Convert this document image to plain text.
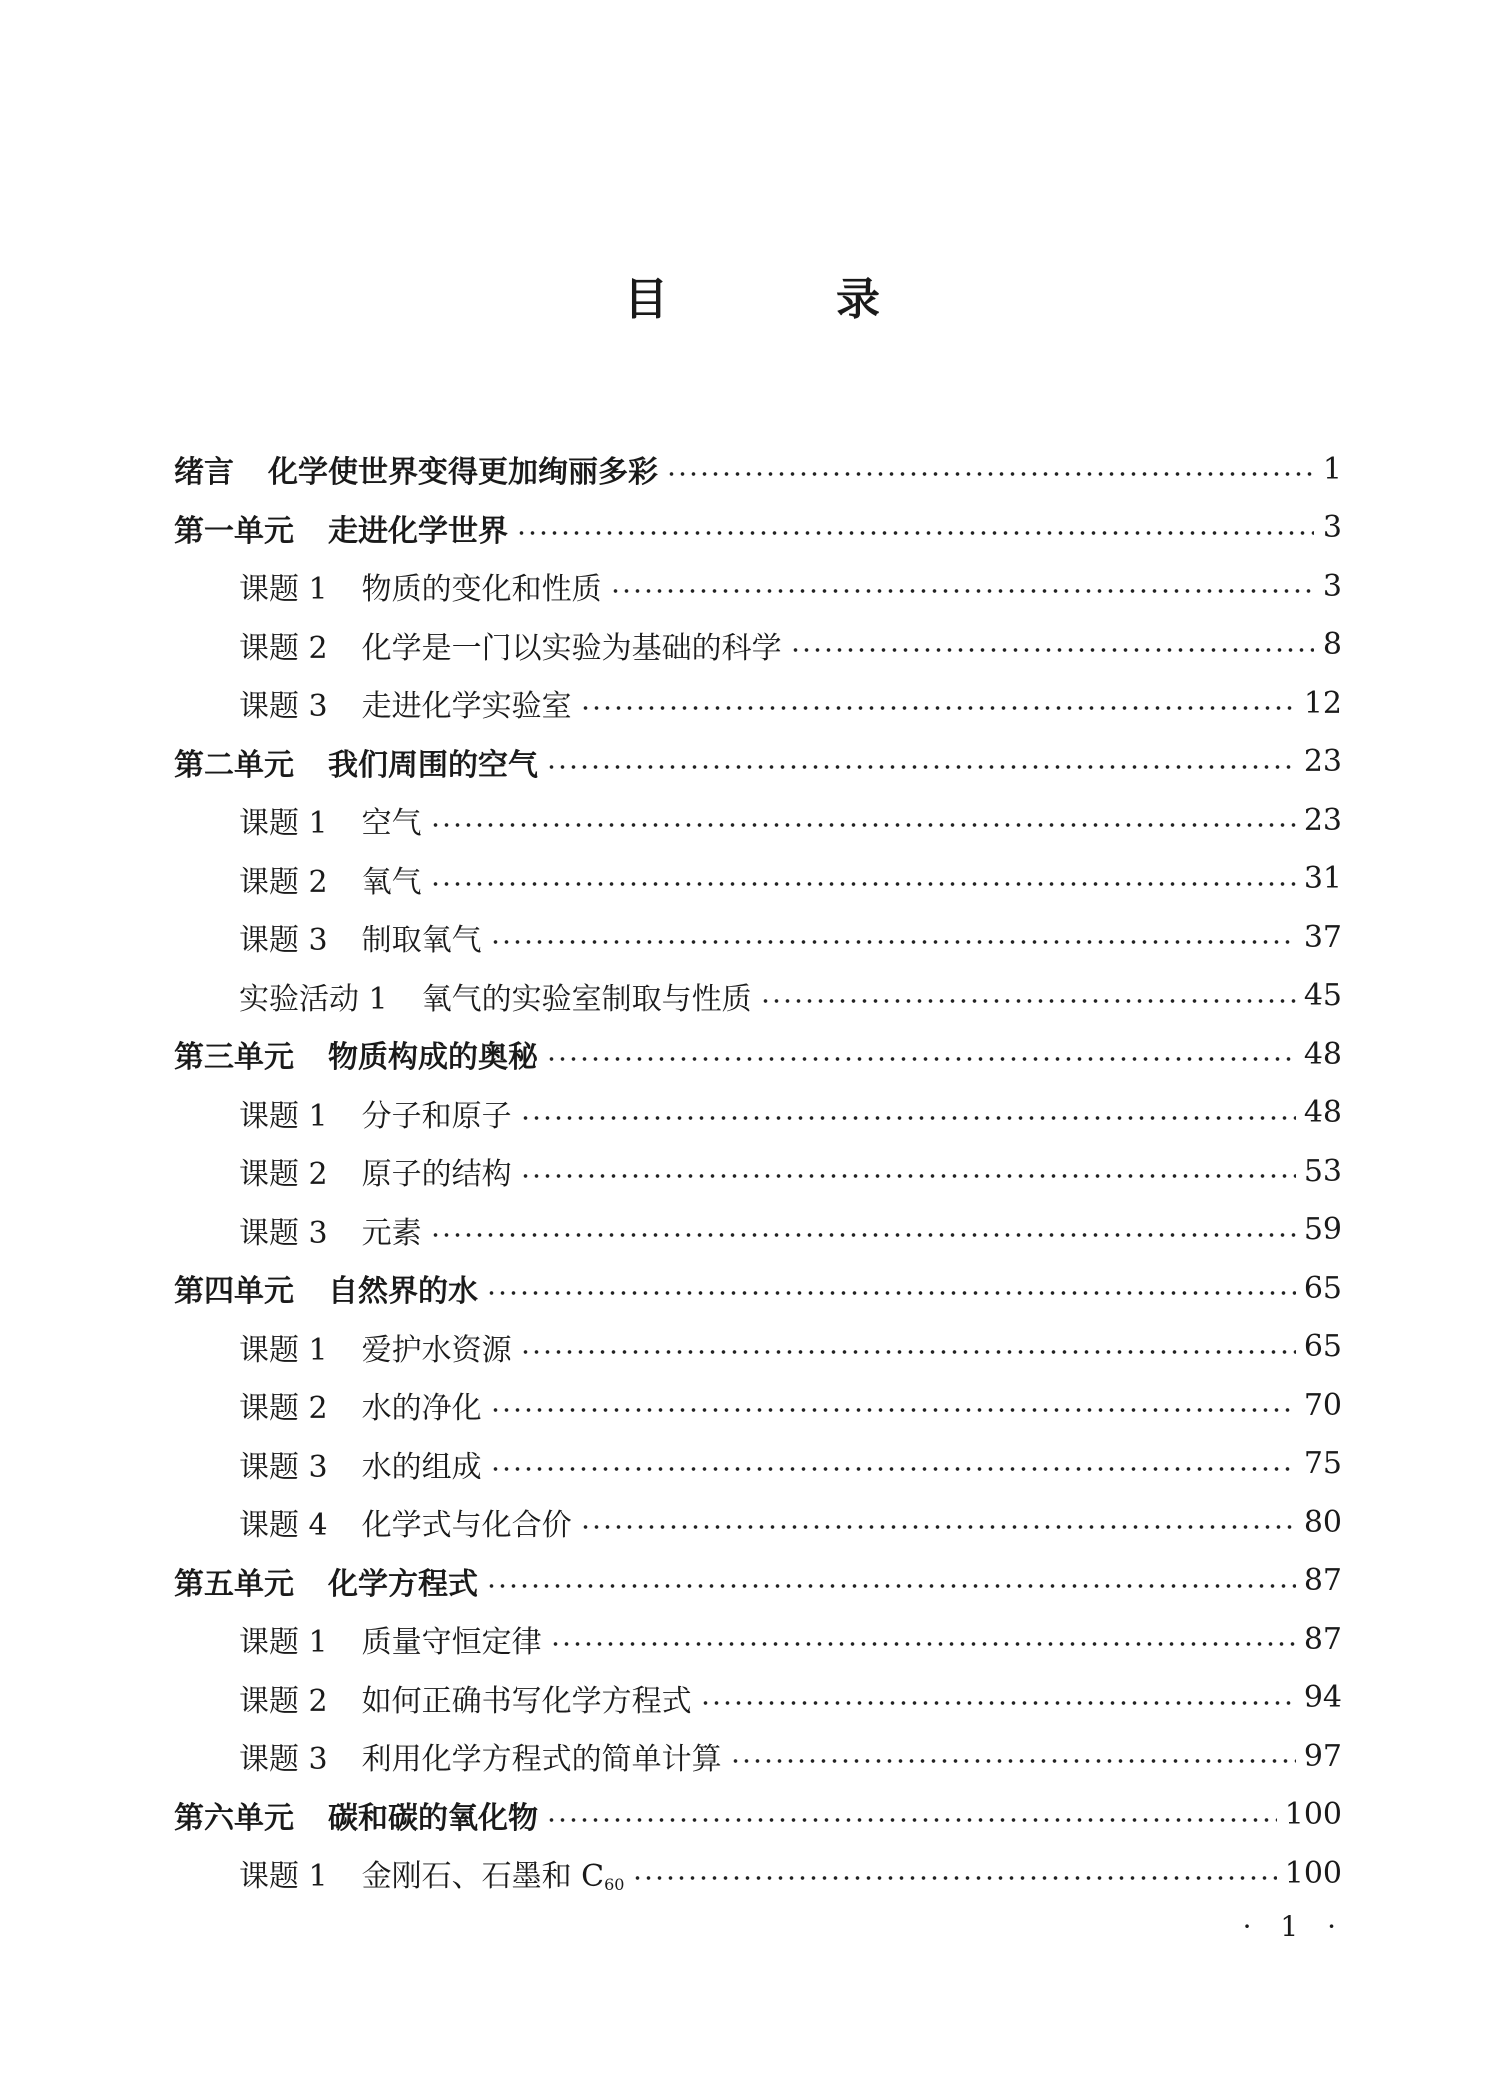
目　录
绪言 化学使世界变得更加绚丽多彩	1
第一单元 走进化学世界	3
课题 1 物质的变化和性质	3
课题 2 化学是一门以实验为基础的科学	8
课题 3 走进化学实验室	12
第二单元 我们周围的空气	23
课题 1 空气	23
课题 2 氧气	31
课题 3 制取氧气	37
实验活动 1 氧气的实验室制取与性质	45
第三单元 物质构成的奥秘	48
课题 1 分子和原子	48
课题 2 原子的结构	53
课题 3 元素	59
第四单元 自然界的水	65
课题 1 爱护水资源	65
课题 2 水的净化	70
课题 3 水的组成	75
课题 4 化学式与化合价	80
第五单元 化学方程式	87
课题 1 质量守恒定律	87
课题 2 如何正确书写化学方程式	94
课题 3 利用化学方程式的简单计算	97
第六单元 碳和碳的氧化物	100
课题 1 金刚石、石墨和 $C_{60}$	100
· 1 ·
